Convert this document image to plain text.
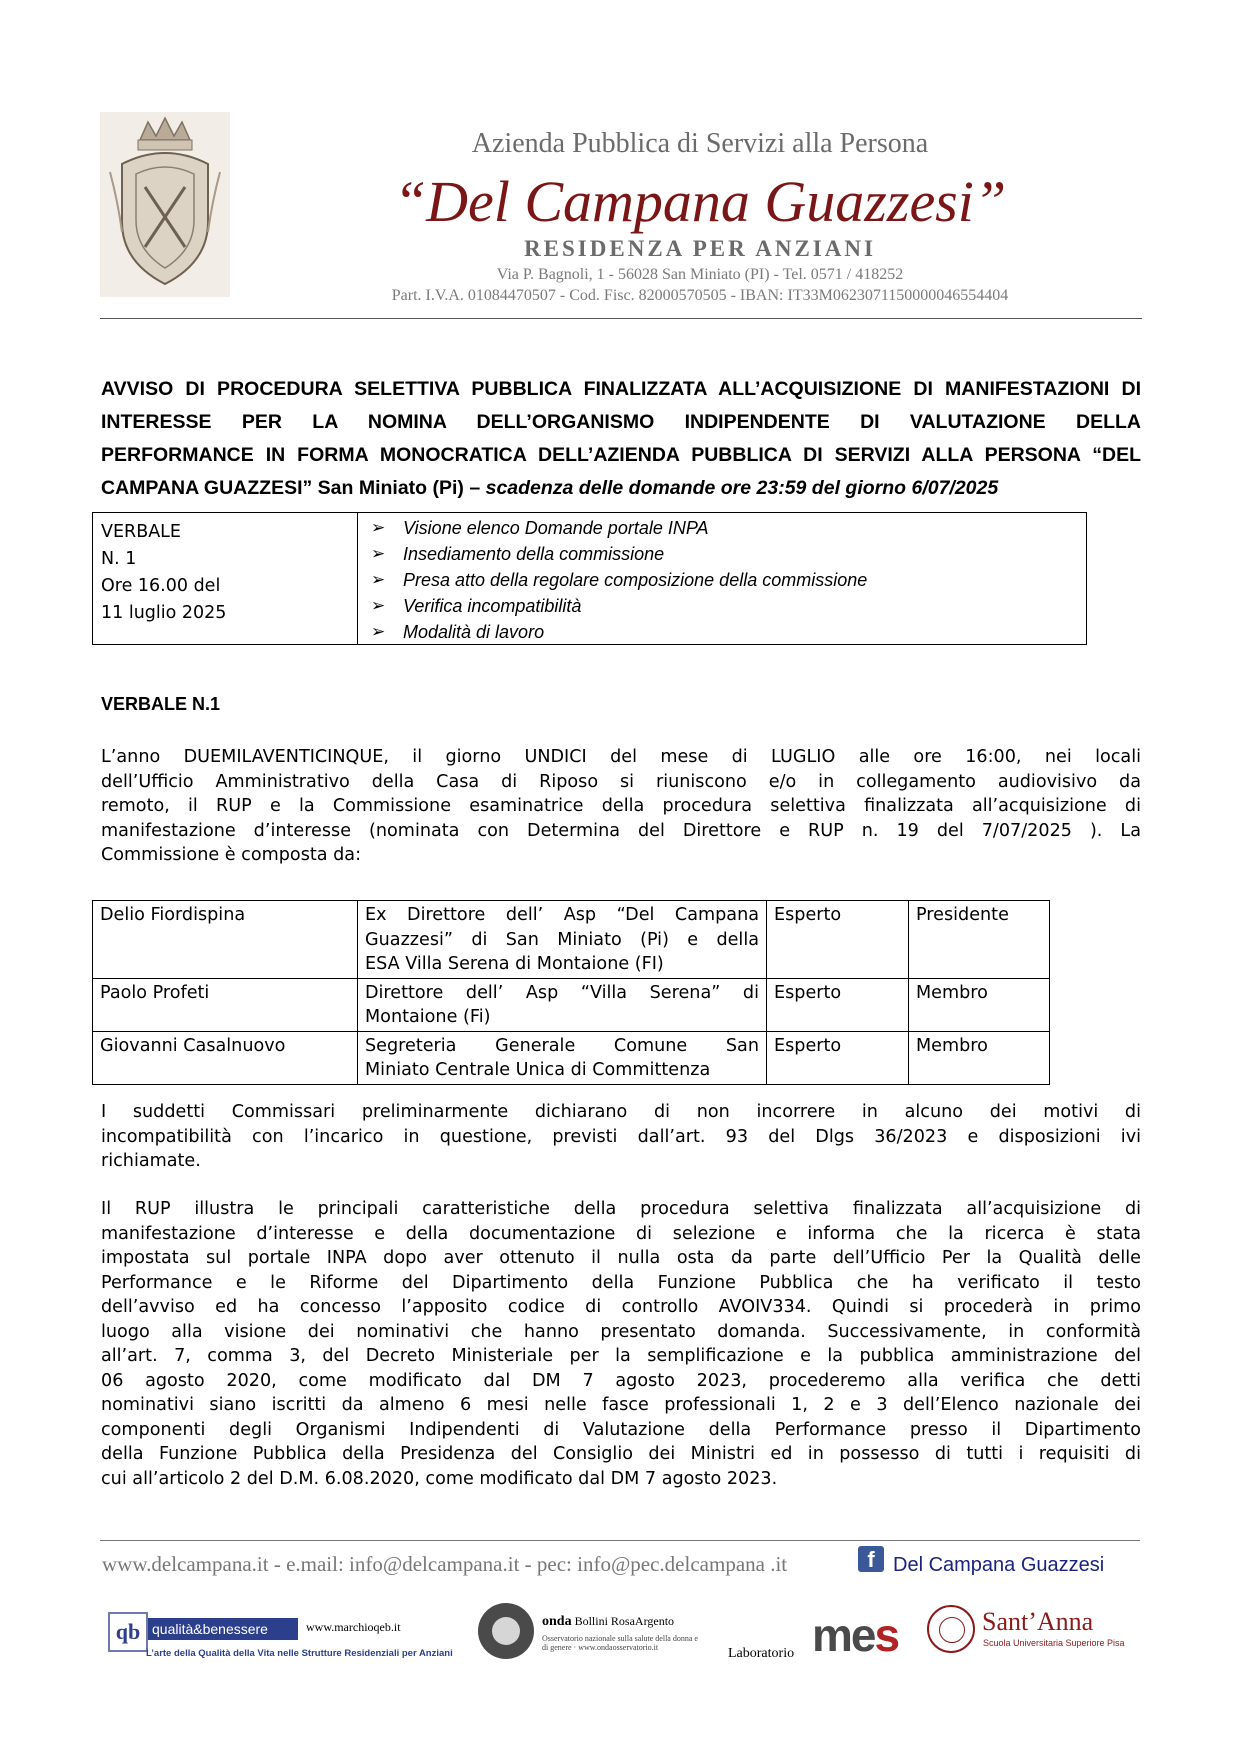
Azienda Pubblica di Servizi alla Persona
“Del Campana Guazzesi”
RESIDENZA PER ANZIANI
Via P. Bagnoli, 1 - 56028 San Miniato (PI) - Tel. 0571 / 418252
Part. I.V.A. 01084470507 - Cod. Fisc. 82000570505 - IBAN: IT33M0623071150000046554404
AVVISO DI PROCEDURA SELETTIVA PUBBLICA FINALIZZATA ALL’ACQUISIZIONE DI MANIFESTAZIONI DI
INTERESSE PER LA NOMINA DELL’ORGANISMO INDIPENDENTE DI VALUTAZIONE DELLA
PERFORMANCE IN FORMA MONOCRATICA DELL’AZIENDA PUBBLICA DI SERVIZI ALLA PERSONA “DEL
CAMPANA GUAZZESI” San Miniato (Pi) – scadenza delle domande ore 23:59 del giorno 6/07/2025
VERBALE
N. 1
Ore 16.00 del
11 luglio 2025
➢ Visione elenco Domande portale INPA
➢ Insediamento della commissione
➢ Presa atto della regolare composizione della commissione
➢ Verifica incompatibilità
➢ Modalità di lavoro
VERBALE N.1
L’anno DUEMILAVENTICINQUE, il giorno UNDICI del mese di LUGLIO alle ore 16:00, nei locali
dell’Ufficio Amministrativo della Casa di Riposo si riuniscono e/o in collegamento audiovisivo da
remoto, il RUP e la Commissione esaminatrice della procedura selettiva finalizzata all’acquisizione di
manifestazione d’interesse (nominata con Determina del Direttore e RUP n. 19 del 7/07/2025 ). La
Commissione è composta da:
Delio Fiordispina	Ex Direttore dell’ Asp “Del Campana
Guazzesi” di San Miniato (Pi) e della
ESA Villa Serena di Montaione (FI)	Esperto	Presidente
Paolo Profeti	Direttore dell’ Asp “Villa Serena” di
Montaione (Fi)	Esperto	Membro
Giovanni Casalnuovo	Segreteria Generale Comune San
Miniato Centrale Unica di Committenza	Esperto	Membro
I suddetti Commissari preliminarmente dichiarano di non incorrere in alcuno dei motivi di
incompatibilità con l’incarico in questione, previsti dall’art. 93 del Dlgs 36/2023 e disposizioni ivi
richiamate.
Il RUP illustra le principali caratteristiche della procedura selettiva finalizzata all’acquisizione di
manifestazione d’interesse e della documentazione di selezione e informa che la ricerca è stata
impostata sul portale INPA dopo aver ottenuto il nulla osta da parte dell’Ufficio Per la Qualità delle
Performance e le Riforme del Dipartimento della Funzione Pubblica che ha verificato il testo
dell’avviso ed ha concesso l’apposito codice di controllo AVOIV334. Quindi si procederà in primo
luogo alla visione dei nominativi che hanno presentato domanda. Successivamente, in conformità
all’art. 7, comma 3, del Decreto Ministeriale per la semplificazione e la pubblica amministrazione del
06 agosto 2020, come modificato dal DM 7 agosto 2023, procederemo alla verifica che detti
nominativi siano iscritti da almeno 6 mesi nelle fasce professionali 1, 2 e 3 dell’Elenco nazionale dei
componenti degli Organismi Indipendenti di Valutazione della Performance presso il Dipartimento
della Funzione Pubblica della Presidenza del Consiglio dei Ministri ed in possesso di tutti i requisiti di
cui all’articolo 2 del D.M. 6.08.2020, come modificato dal DM 7 agosto 2023.
www.delcampana.it - e.mail: info@delcampana.it - pec: info@pec.delcampana .it	f Del Campana Guazzesi
qb qualità&benessere	www.marchioqeb.it
L’arte della Qualità della Vita nelle Strutture Residenziali per Anziani
onda Bollini RosaArgento
Osservatorio nazionale sulla salute della donna e di genere · www.ondaosservatorio.it	Laboratorio mes	Sant’Anna
Scuola Universitaria Superiore Pisa
